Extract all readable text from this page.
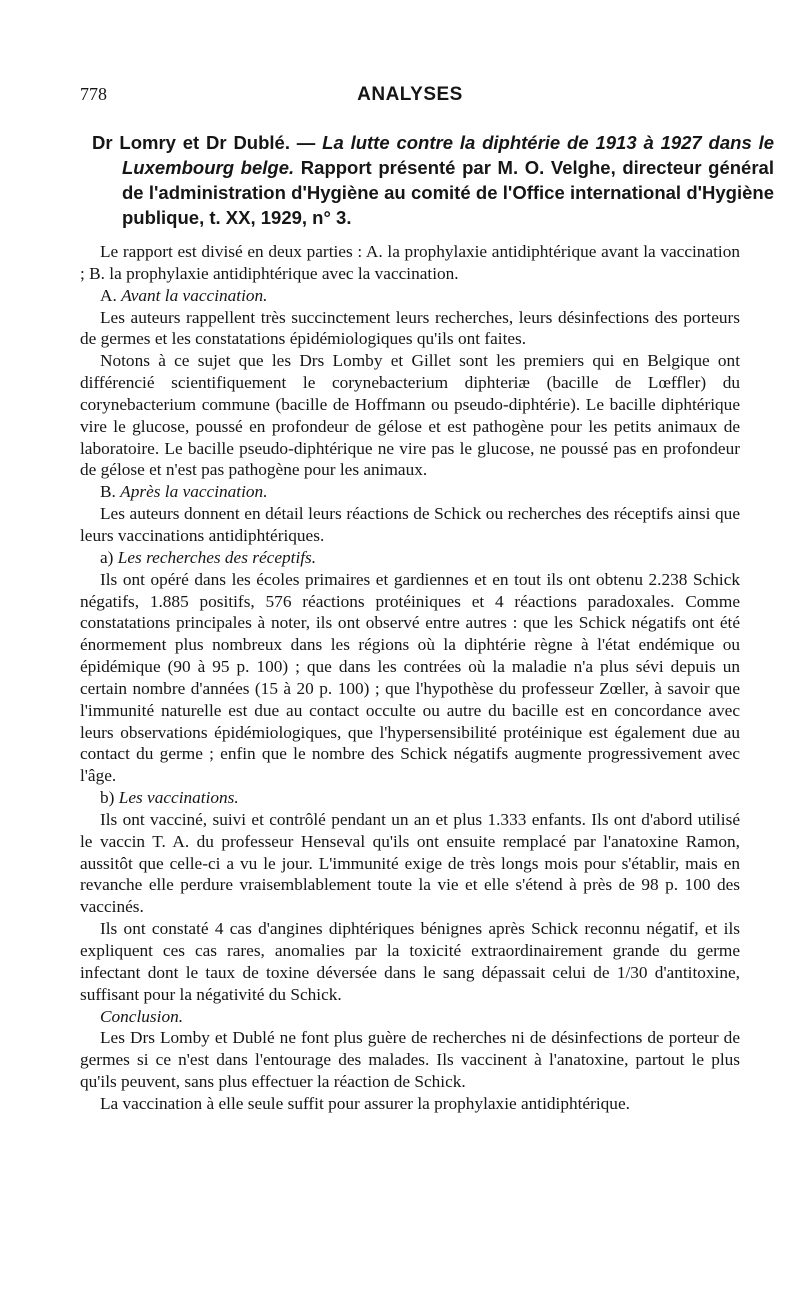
778	ANALYSES

Dr Lomry et Dr Dublé. — La lutte contre la diphtérie de 1913 à 1927 dans le Luxembourg belge. Rapport présenté par M. O. Velghe, directeur général de l'administration d'Hygiène au comité de l'Office international d'Hygiène publique, t. XX, 1929, n° 3.

Le rapport est divisé en deux parties : A. la prophylaxie antidiphtérique avant la vaccination ; B. la prophylaxie antidiphtérique avec la vaccination.

A. Avant la vaccination.

Les auteurs rappellent très succinctement leurs recherches, leurs désinfections des porteurs de germes et les constatations épidémiologiques qu'ils ont faites.

Notons à ce sujet que les Drs Lomby et Gillet sont les premiers qui en Belgique ont différencié scientifiquement le corynebacterium diphteriæ (bacille de Lœffler) du corynebacterium commune (bacille de Hoffmann ou pseudo-diphtérie). Le bacille diphtérique vire le glucose, poussé en profondeur de gélose et est pathogène pour les petits animaux de laboratoire. Le bacille pseudo-diphtérique ne vire pas le glucose, ne poussé pas en profondeur de gélose et n'est pas pathogène pour les animaux.

B. Après la vaccination.

Les auteurs donnent en détail leurs réactions de Schick ou recherches des réceptifs ainsi que leurs vaccinations antidiphtériques.

a) Les recherches des réceptifs.

Ils ont opéré dans les écoles primaires et gardiennes et en tout ils ont obtenu 2.238 Schick négatifs, 1.885 positifs, 576 réactions protéiniques et 4 réactions paradoxales. Comme constatations principales à noter, ils ont observé entre autres : que les Schick négatifs ont été énormement plus nombreux dans les régions où la diphtérie règne à l'état endémique ou épidémique (90 à 95 p. 100) ; que dans les contrées où la maladie n'a plus sévi depuis un certain nombre d'années (15 à 20 p. 100) ; que l'hypothèse du professeur Zœller, à savoir que l'immunité naturelle est due au contact occulte ou autre du bacille est en concordance avec leurs observations épidémiologiques, que l'hypersensibilité protéinique est également due au contact du germe ; enfin que le nombre des Schick négatifs augmente progressivement avec l'âge.

b) Les vaccinations.

Ils ont vacciné, suivi et contrôlé pendant un an et plus 1.333 enfants. Ils ont d'abord utilisé le vaccin T. A. du professeur Henseval qu'ils ont ensuite remplacé par l'anatoxine Ramon, aussitôt que celle-ci a vu le jour. L'immunité exige de très longs mois pour s'établir, mais en revanche elle perdure vraisemblablement toute la vie et elle s'étend à près de 98 p. 100 des vaccinés.

Ils ont constaté 4 cas d'angines diphtériques bénignes après Schick reconnu négatif, et ils expliquent ces cas rares, anomalies par la toxicité extraordinairement grande du germe infectant dont le taux de toxine déversée dans le sang dépassait celui de 1/30 d'antitoxine, suffisant pour la négativité du Schick.

Conclusion.

Les Drs Lomby et Dublé ne font plus guère de recherches ni de désinfections de porteur de germes si ce n'est dans l'entourage des malades. Ils vaccinent à l'anatoxine, partout le plus qu'ils peuvent, sans plus effectuer la réaction de Schick.

La vaccination à elle seule suffit pour assurer la prophylaxie antidiphtérique.
